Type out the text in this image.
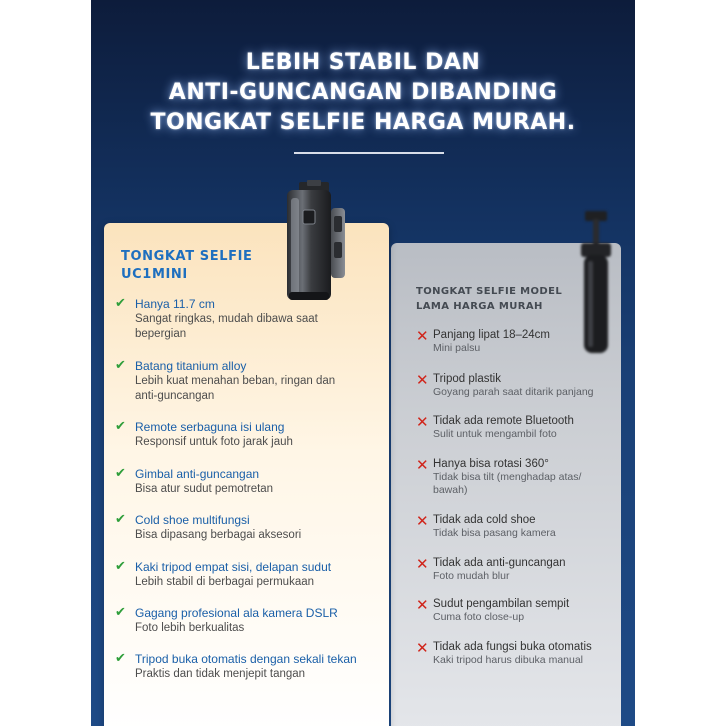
LEBIH STABIL DAN
ANTI-GUNCANGAN DIBANDING
TONGKAT SELFIE HARGA MURAH.
TONGKAT SELFIE
UC1MINI
TONGKAT SELFIE MODEL
LAMA HARGA MURAH
✔ Hanya 11.7 cm
Sangat ringkas, mudah dibawa saat bepergian
✔ Batang titanium alloy
Lebih kuat menahan beban, ringan dan anti-guncangan
✔ Remote serbaguna isi ulang
Responsif untuk foto jarak jauh
✔ Gimbal anti-guncangan
Bisa atur sudut pemotretan
✔ Cold shoe multifungsi
Bisa dipasang berbagai aksesori
✔ Kaki tripod empat sisi, delapan sudut
Lebih stabil di berbagai permukaan
✔ Gagang profesional ala kamera DSLR
Foto lebih berkualitas
✔ Tripod buka otomatis dengan sekali tekan
Praktis dan tidak menjepit tangan
✕ Panjang lipat 18–24cm
Mini palsu
✕ Tripod plastik
Goyang parah saat ditarik panjang
✕ Tidak ada remote Bluetooth
Sulit untuk mengambil foto
✕ Hanya bisa rotasi 360°
Tidak bisa tilt (menghadap atas/ bawah)
✕ Tidak ada cold shoe
Tidak bisa pasang kamera
✕ Tidak ada anti-guncangan
Foto mudah blur
✕ Sudut pengambilan sempit
Cuma foto close-up
✕ Tidak ada fungsi buka otomatis
Kaki tripod harus dibuka manual
